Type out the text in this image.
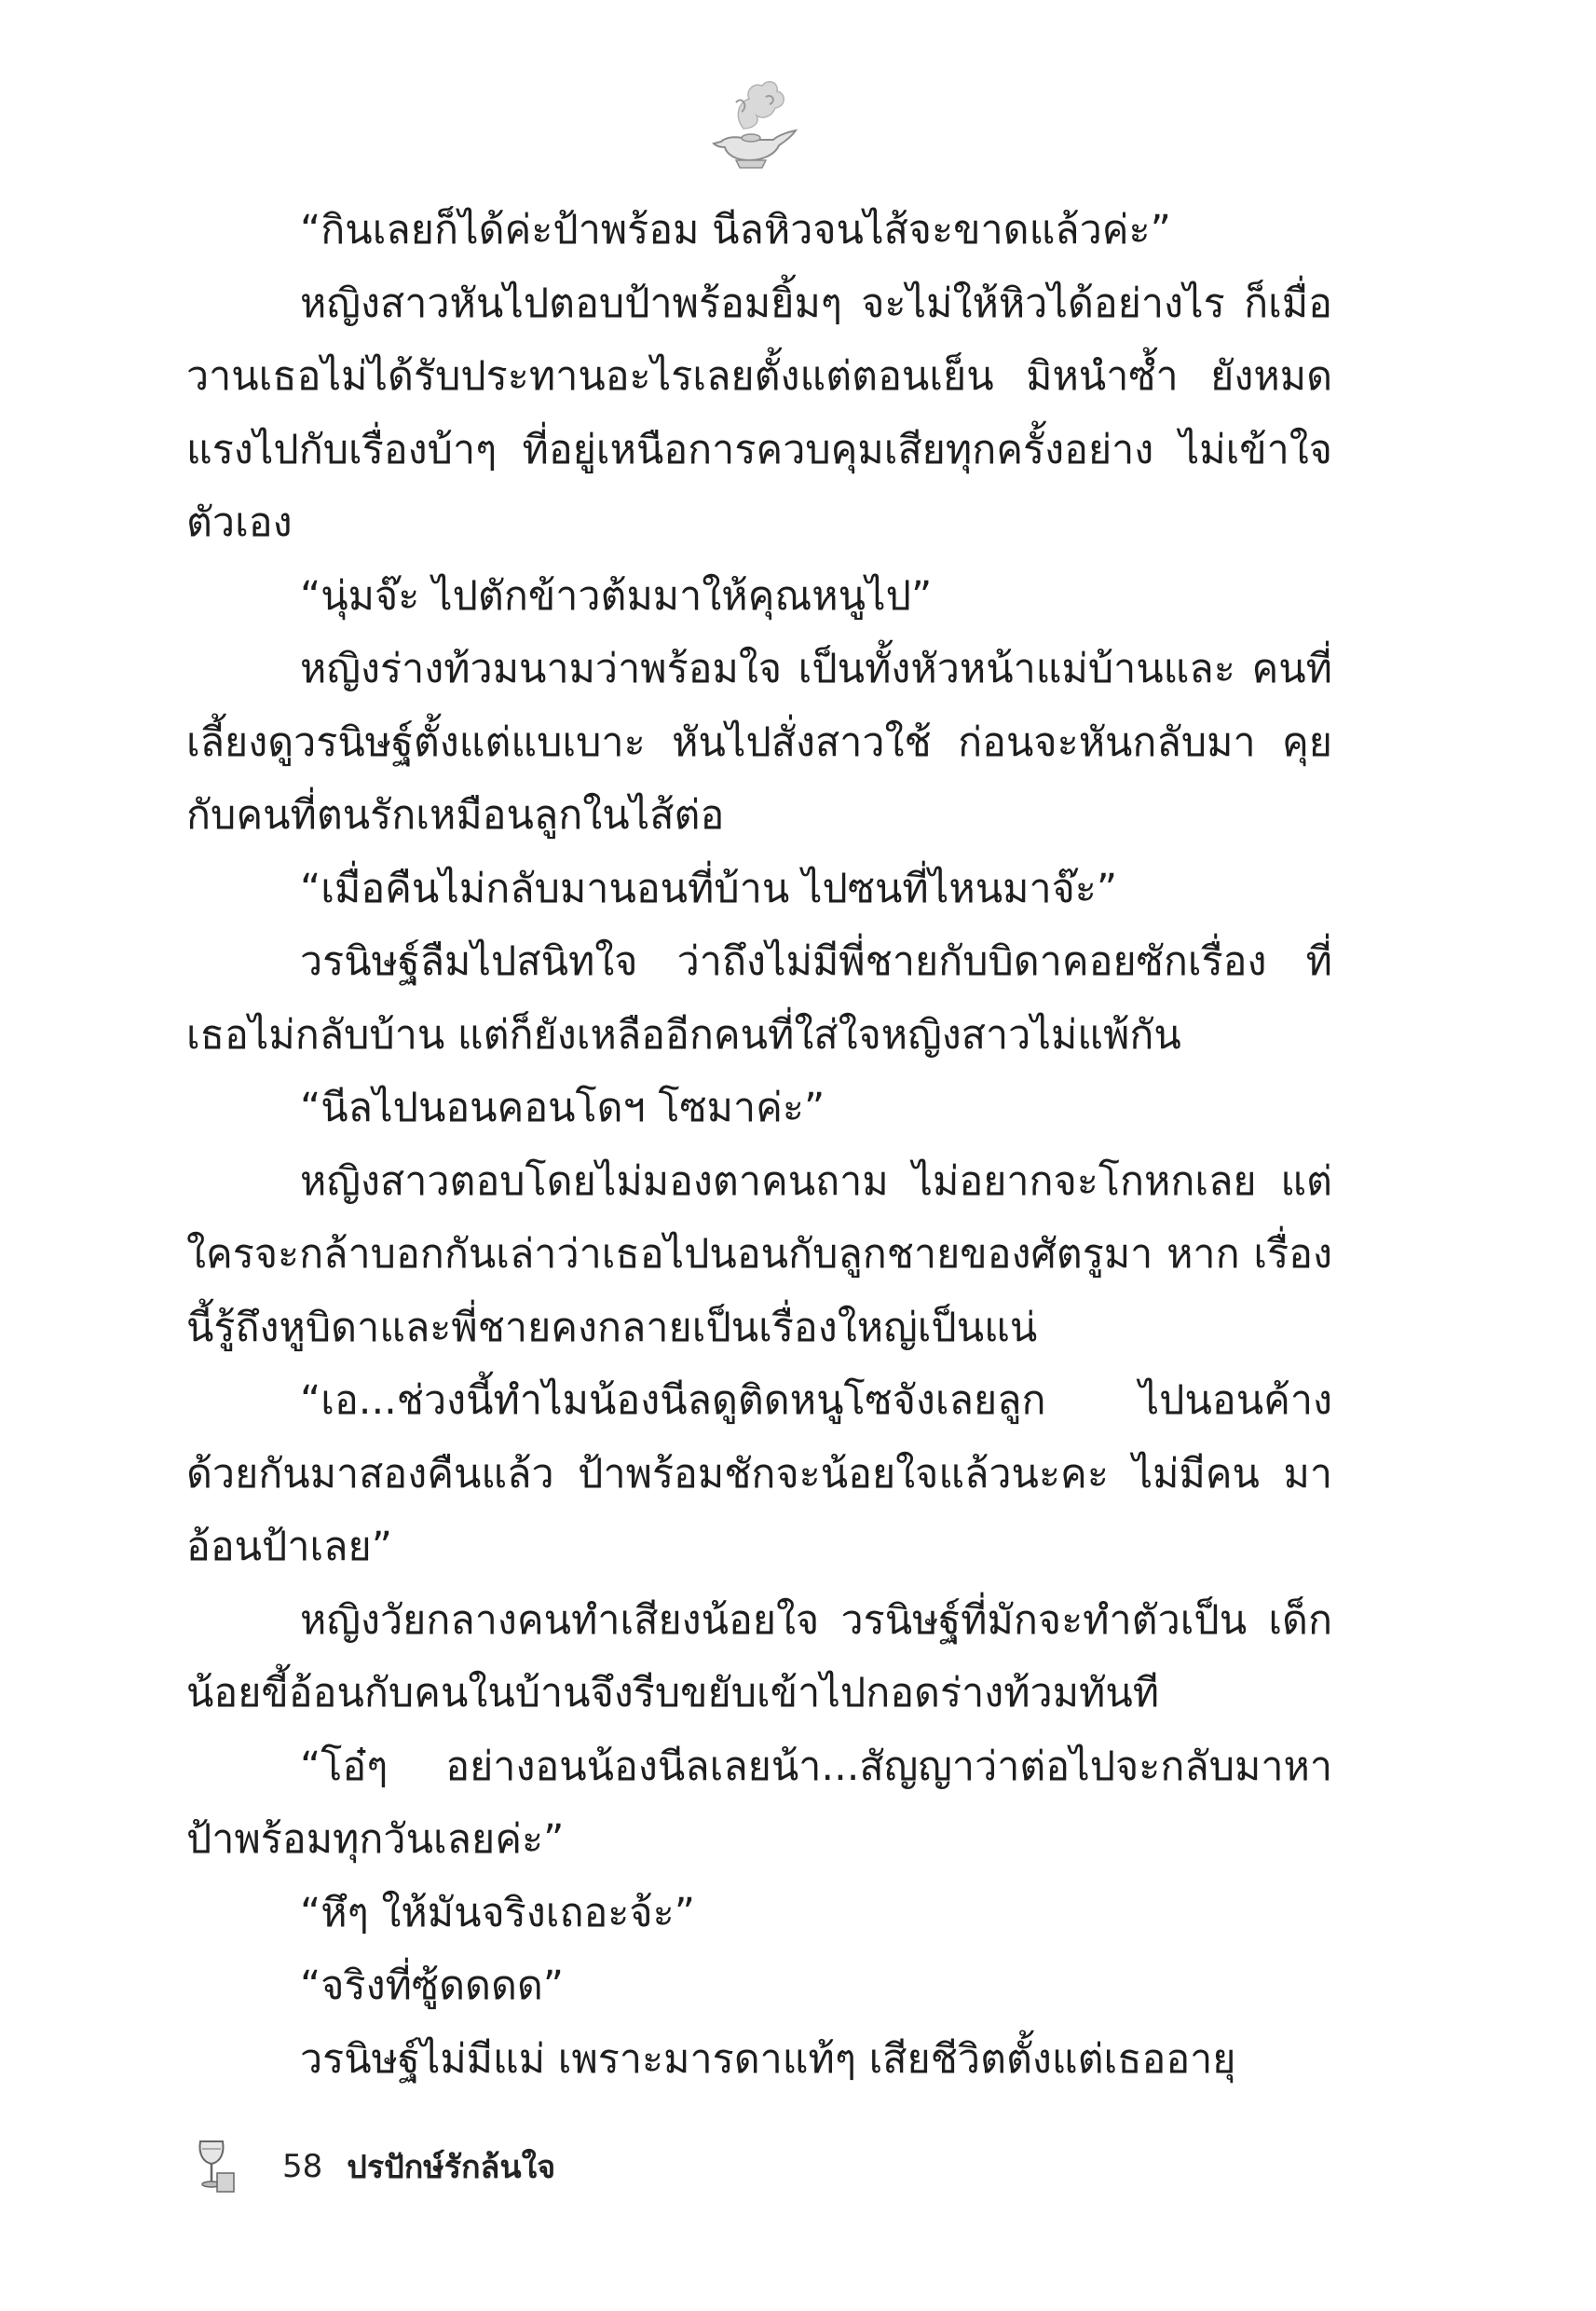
“กินเลยก็ได้ค่ะป้าพร้อม นีลหิวจนไส้จะขาดแล้วค่ะ”

หญิงสาวหันไปตอบป้าพร้อมยิ้มๆ จะไม่ให้หิวได้อย่างไร ก็เมื่อวานเธอไม่ได้รับประทานอะไรเลยตั้งแต่ตอนเย็น มิหนำซ้ำ ยังหมดแรงไปกับเรื่องบ้าๆ ที่อยู่เหนือการควบคุมเสียทุกครั้งอย่าง ไม่เข้าใจตัวเอง

“นุ่มจ๊ะ ไปตักข้าวต้มมาให้คุณหนูไป”

หญิงร่างท้วมนามว่าพร้อมใจ เป็นทั้งหัวหน้าแม่บ้านและ คนที่เลี้ยงดูวรนิษฐ์ตั้งแต่แบเบาะ หันไปสั่งสาวใช้ ก่อนจะหันกลับมา คุยกับคนที่ตนรักเหมือนลูกในไส้ต่อ

“เมื่อคืนไม่กลับมานอนที่บ้าน ไปซนที่ไหนมาจ๊ะ”

วรนิษฐ์ลืมไปสนิทใจ ว่าถึงไม่มีพี่ชายกับบิดาคอยซักเรื่อง ที่เธอไม่กลับบ้าน แต่ก็ยังเหลืออีกคนที่ใส่ใจหญิงสาวไม่แพ้กัน

“นีลไปนอนคอนโดฯ โซมาค่ะ”

หญิงสาวตอบโดยไม่มองตาคนถาม ไม่อยากจะโกหกเลย แต่ใครจะกล้าบอกกันเล่าว่าเธอไปนอนกับลูกชายของศัตรูมา หาก เรื่องนี้รู้ถึงหูบิดาและพี่ชายคงกลายเป็นเรื่องใหญ่เป็นแน่

“เอ...ช่วงนี้ทำไมน้องนีลดูติดหนูโซจังเลยลูก ไปนอนค้าง ด้วยกันมาสองคืนแล้ว ป้าพร้อมชักจะน้อยใจแล้วนะคะ ไม่มีคน มาอ้อนป้าเลย”

หญิงวัยกลางคนทำเสียงน้อยใจ วรนิษฐ์ที่มักจะทำตัวเป็น เด็กน้อยขี้อ้อนกับคนในบ้านจึงรีบขยับเข้าไปกอดร่างท้วมทันที

“โอ๋ๆ อย่างอนน้องนีลเลยน้า...สัญญาว่าต่อไปจะกลับมาหา ป้าพร้อมทุกวันเลยค่ะ”

“หึๆ ให้มันจริงเถอะจ้ะ”

“จริงที่ซู้ดดดด”

วรนิษฐ์ไม่มีแม่ เพราะมารดาแท้ๆ เสียชีวิตตั้งแต่เธออายุ

58 ปรปักษ์รักล้นใจ
